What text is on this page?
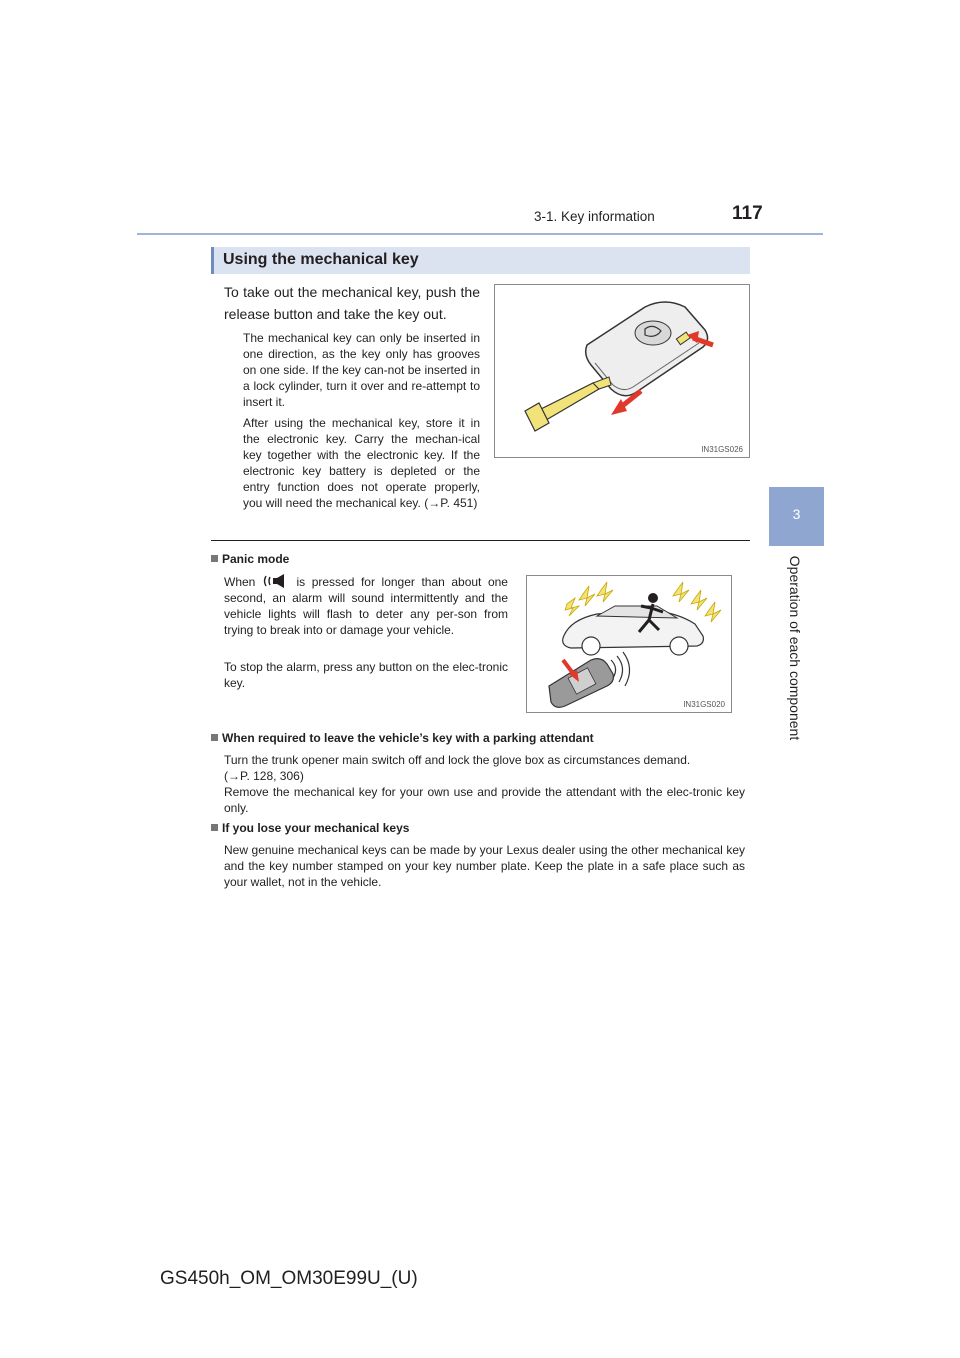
3-1. Key information	117
3
Operation of each component
Using the mechanical key
To take out the mechanical key, push the release button and take the key out.
The mechanical key can only be inserted in one direction, as the key only has grooves on one side. If the key can-not be inserted in a lock cylinder, turn it over and re-attempt to insert it.
After using the mechanical key, store it in the electronic key. Carry the mechan-ical key together with the electronic key. If the electronic key battery is depleted or the entry function does not operate properly, you will need the mechanical key. (→P. 451)
IN31GS026
Panic mode
When	is pressed for longer than about one second, an alarm will sound intermittently and the vehicle lights will flash to deter any per-son from trying to break into or damage your vehicle.
To stop the alarm, press any button on the elec-tronic key.
IN31GS020
When required to leave the vehicle’s key with a parking attendant
Turn the trunk opener main switch off and lock the glove box as circumstances demand.
(→P. 128, 306)
Remove the mechanical key for your own use and provide the attendant with the elec-tronic key only.
If you lose your mechanical keys
New genuine mechanical keys can be made by your Lexus dealer using the other mechanical key and the key number stamped on your key number plate. Keep the plate in a safe place such as your wallet, not in the vehicle.
GS450h_OM_OM30E99U_(U)
